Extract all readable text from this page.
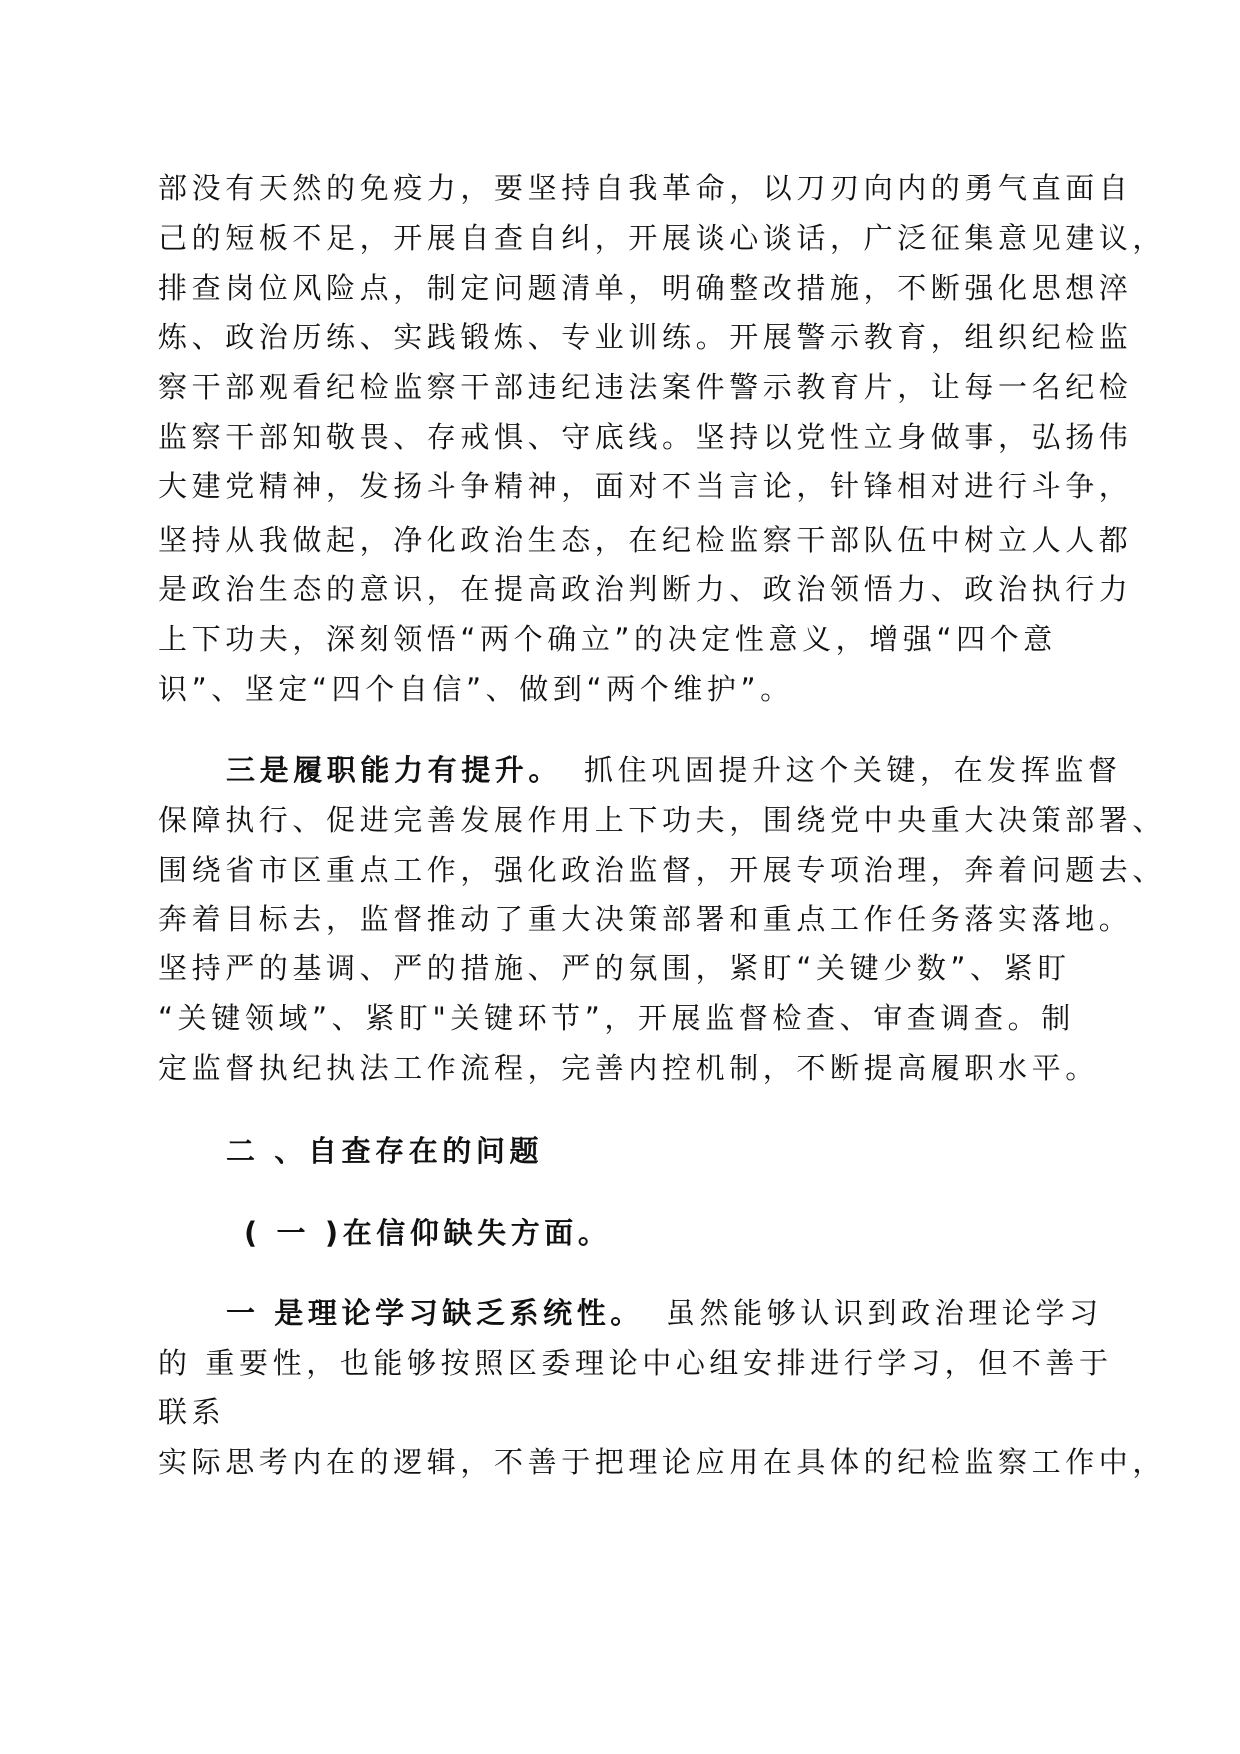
部没有天然的免疫力，要坚持自我革命，以刀刃向内的勇气直面自
己的短板不足，开展自查自纠，开展谈心谈话，广泛征集意见建议，
排查岗位风险点，制定问题清单，明确整改措施，不断强化思想淬
炼、政治历练、实践锻炼、专业训练。开展警示教育，组织纪检监
察干部观看纪检监察干部违纪违法案件警示教育片，让每一名纪检
监察干部知敬畏、存戒惧、守底线。坚持以党性立身做事，弘扬伟
大建党精神，发扬斗争精神，面对不当言论，针锋相对进行斗争，
坚持从我做起，净化政治生态，在纪检监察干部队伍中树立人人都
是政治生态的意识，在提高政治判断力、政治领悟力、政治执行力
上下功夫，深刻领悟“两个确立”的决定性意义，增强“四个意
识”、坚定“四个自信”、做到“两个维护”。
三是履职能力有提升。 抓住巩固提升这个关键，在发挥监督
保障执行、促进完善发展作用上下功夫，围绕党中央重大决策部署、
围绕省市区重点工作，强化政治监督，开展专项治理，奔着问题去、
奔着目标去，监督推动了重大决策部署和重点工作任务落实落地。
坚持严的基调、严的措施、严的氛围，紧盯“关键少数”、紧盯
“关键领域”、紧盯"关键环节”，开展监督检查、审查调查。制
定监督执纪执法工作流程，完善内控机制，不断提高履职水平。
二 、自查存在的问题
( 一 )在信仰缺失方面。
一 是理论学习缺乏系统性。 虽然能够认识到政治理论学习
的 重要性，也能够按照区委理论中心组安排进行学习，但不善于
联系
实际思考内在的逻辑，不善于把理论应用在具体的纪检监察工作中，
